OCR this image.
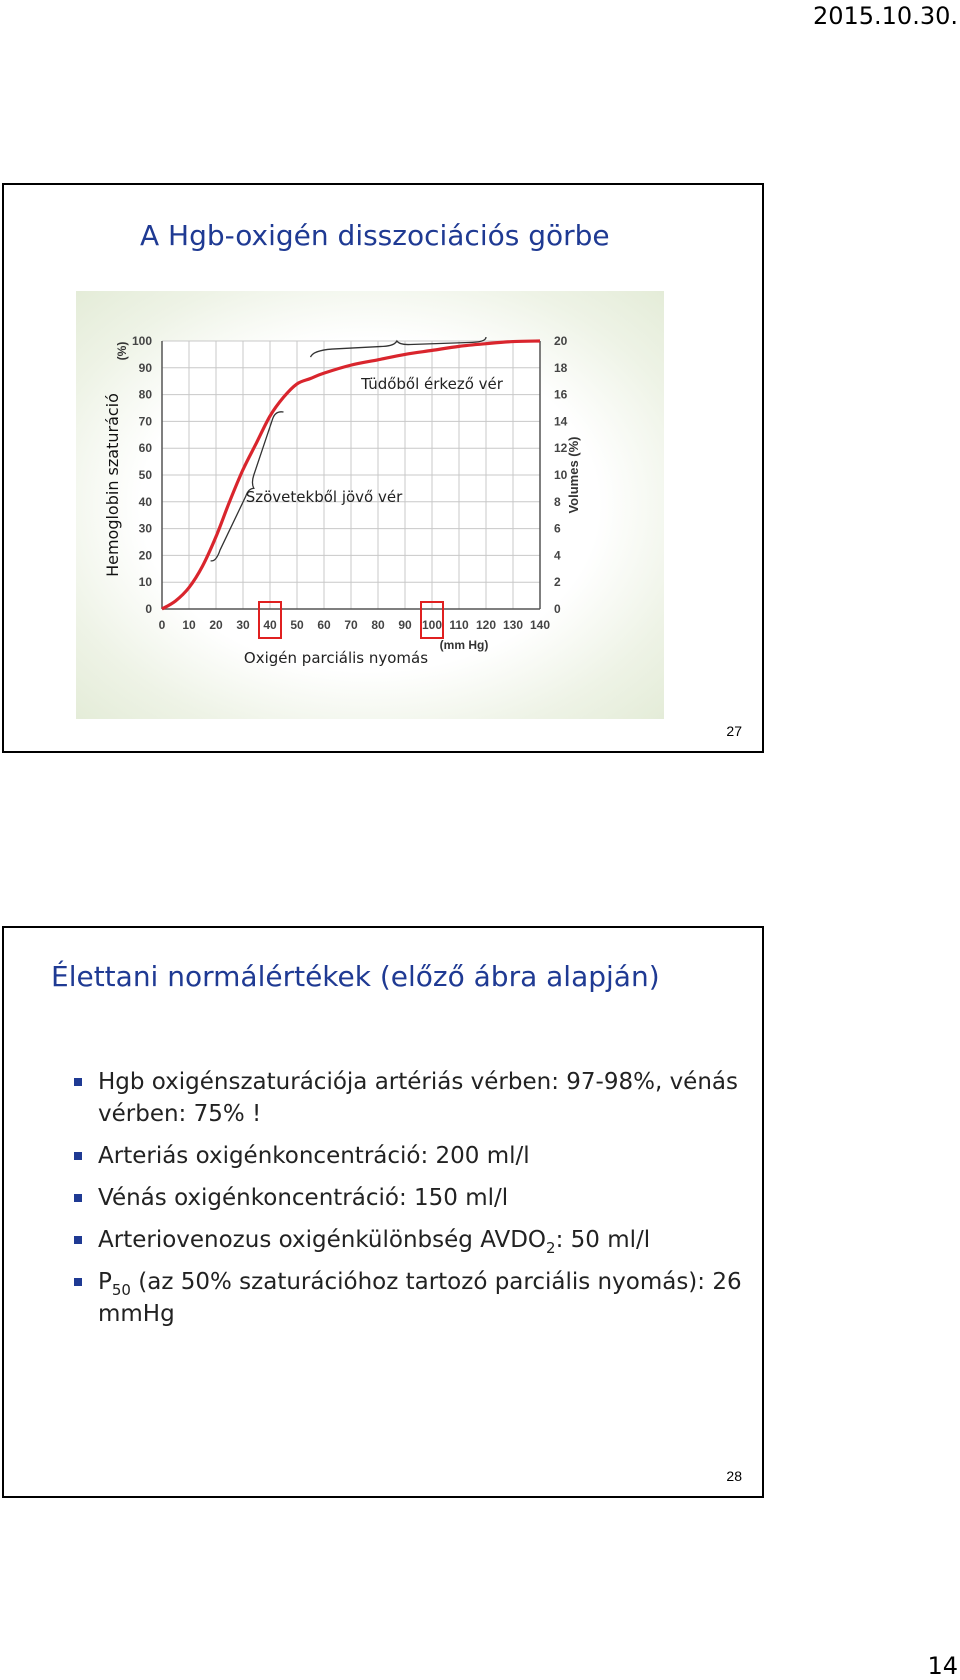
2015.10.30.
A Hgb-oxigén disszociációs görbe
0
10
20
30
40
50
60
70
80
90
100
0
2
4
6
8
10
12
14
16
18
20
0 10 20 30 40 50 60 70 80 90 100 110 120 130 140
Hemoglobin szaturáció
(%)
Volumes (%)
Oxigén parciális nyomás
(mm Hg)
Tüdőből érkező vér
Szövetekből jövő vér
27
Élettani normálértékek (előző ábra alapján)
Hgb oxigénszaturációja artériás vérben: 97-98%, vénás vérben: 75% !
Arteriás oxigénkoncentráció: 200 ml/l
Vénás oxigénkoncentráció: 150 ml/l
Arteriovenozus oxigénkülönbség $AVDO_2$: 50 ml/l
$P_{50}$ (az 50% szaturációhoz tartozó parciális nyomás): 26 mmHg
28
14
